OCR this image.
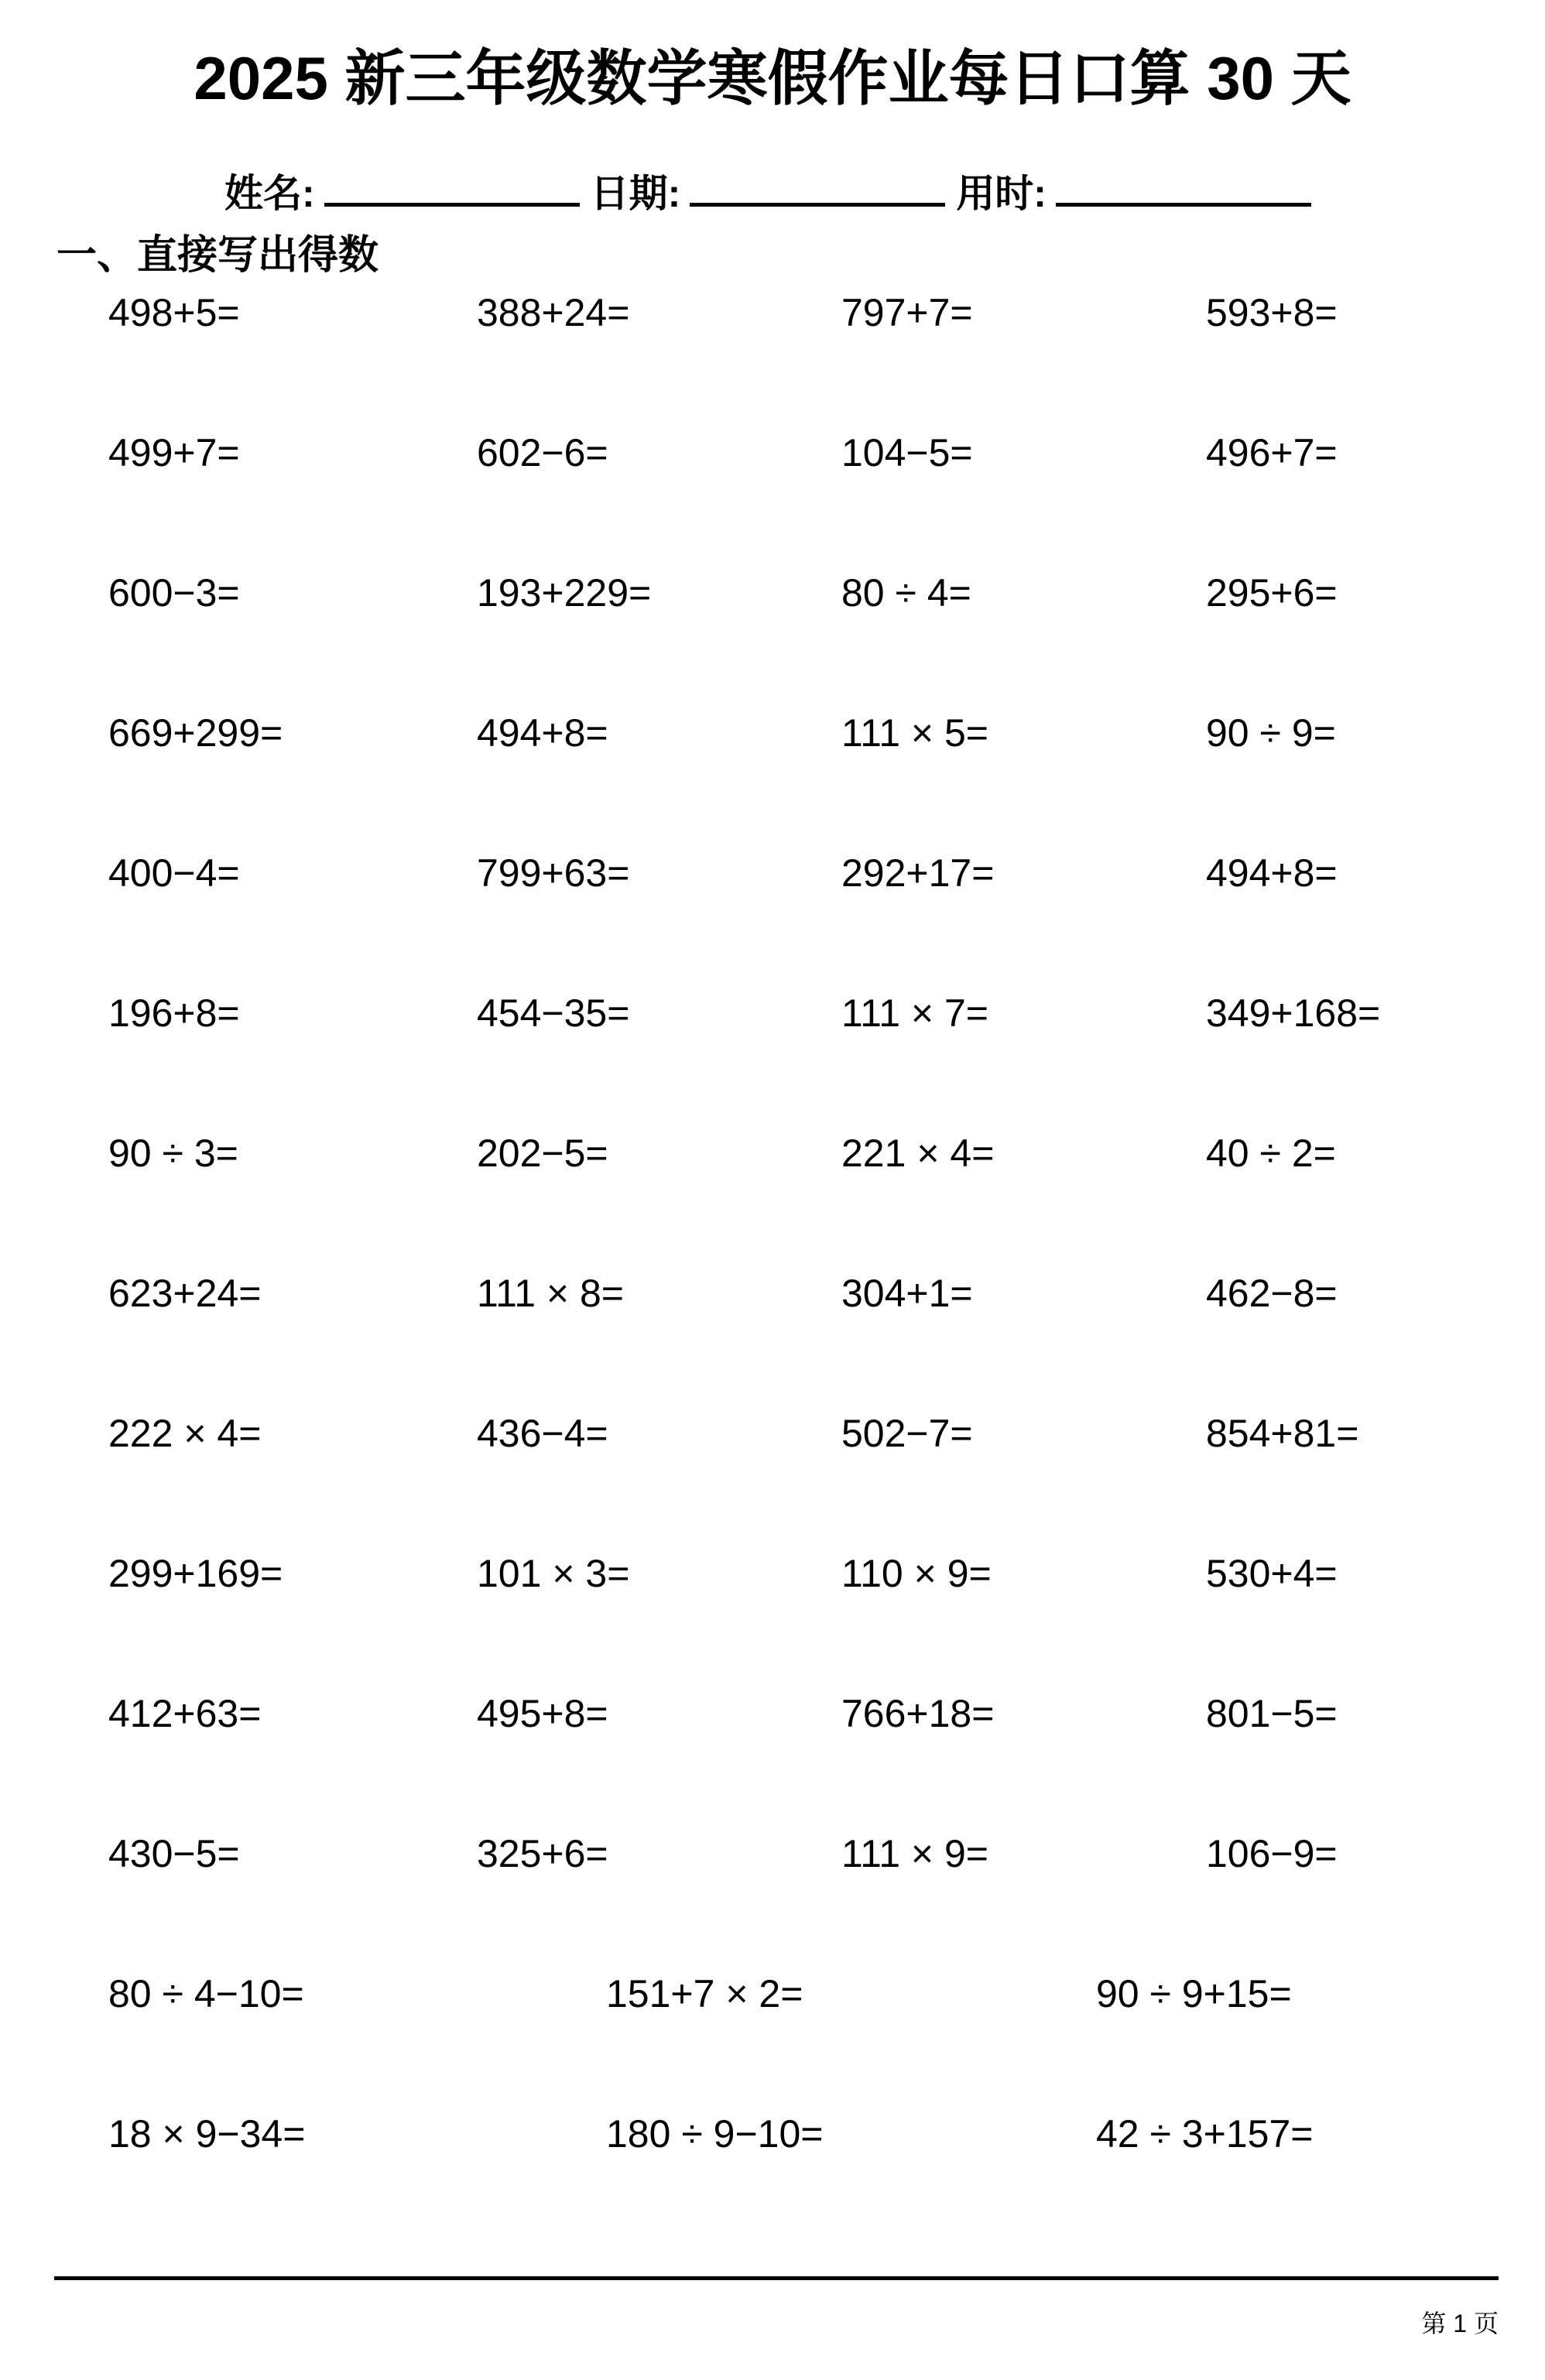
2025 新三年级数学寒假作业每日口算 30 天
姓名:	日期:	用时:
一、直接写出得数
498+5=	388+24=	797+7=	593+8=
499+7=	602−6=	104−5=	496+7=
600−3=	193+229=	80 ÷ 4=	295+6=
669+299=	494+8=	111 × 5=	90 ÷ 9=
400−4=	799+63=	292+17=	494+8=
196+8=	454−35=	111 × 7=	349+168=
90 ÷ 3=	202−5=	221 × 4=	40 ÷ 2=
623+24=	111 × 8=	304+1=	462−8=
222 × 4=	436−4=	502−7=	854+81=
299+169=	101 × 3=	110 × 9=	530+4=
412+63=	495+8=	766+18=	801−5=
430−5=	325+6=	111 × 9=	106−9=
80 ÷ 4−10=	151+7 × 2=	90 ÷ 9+15=
18 × 9−34=	180 ÷ 9−10=	42 ÷ 3+157=
第 1 页
